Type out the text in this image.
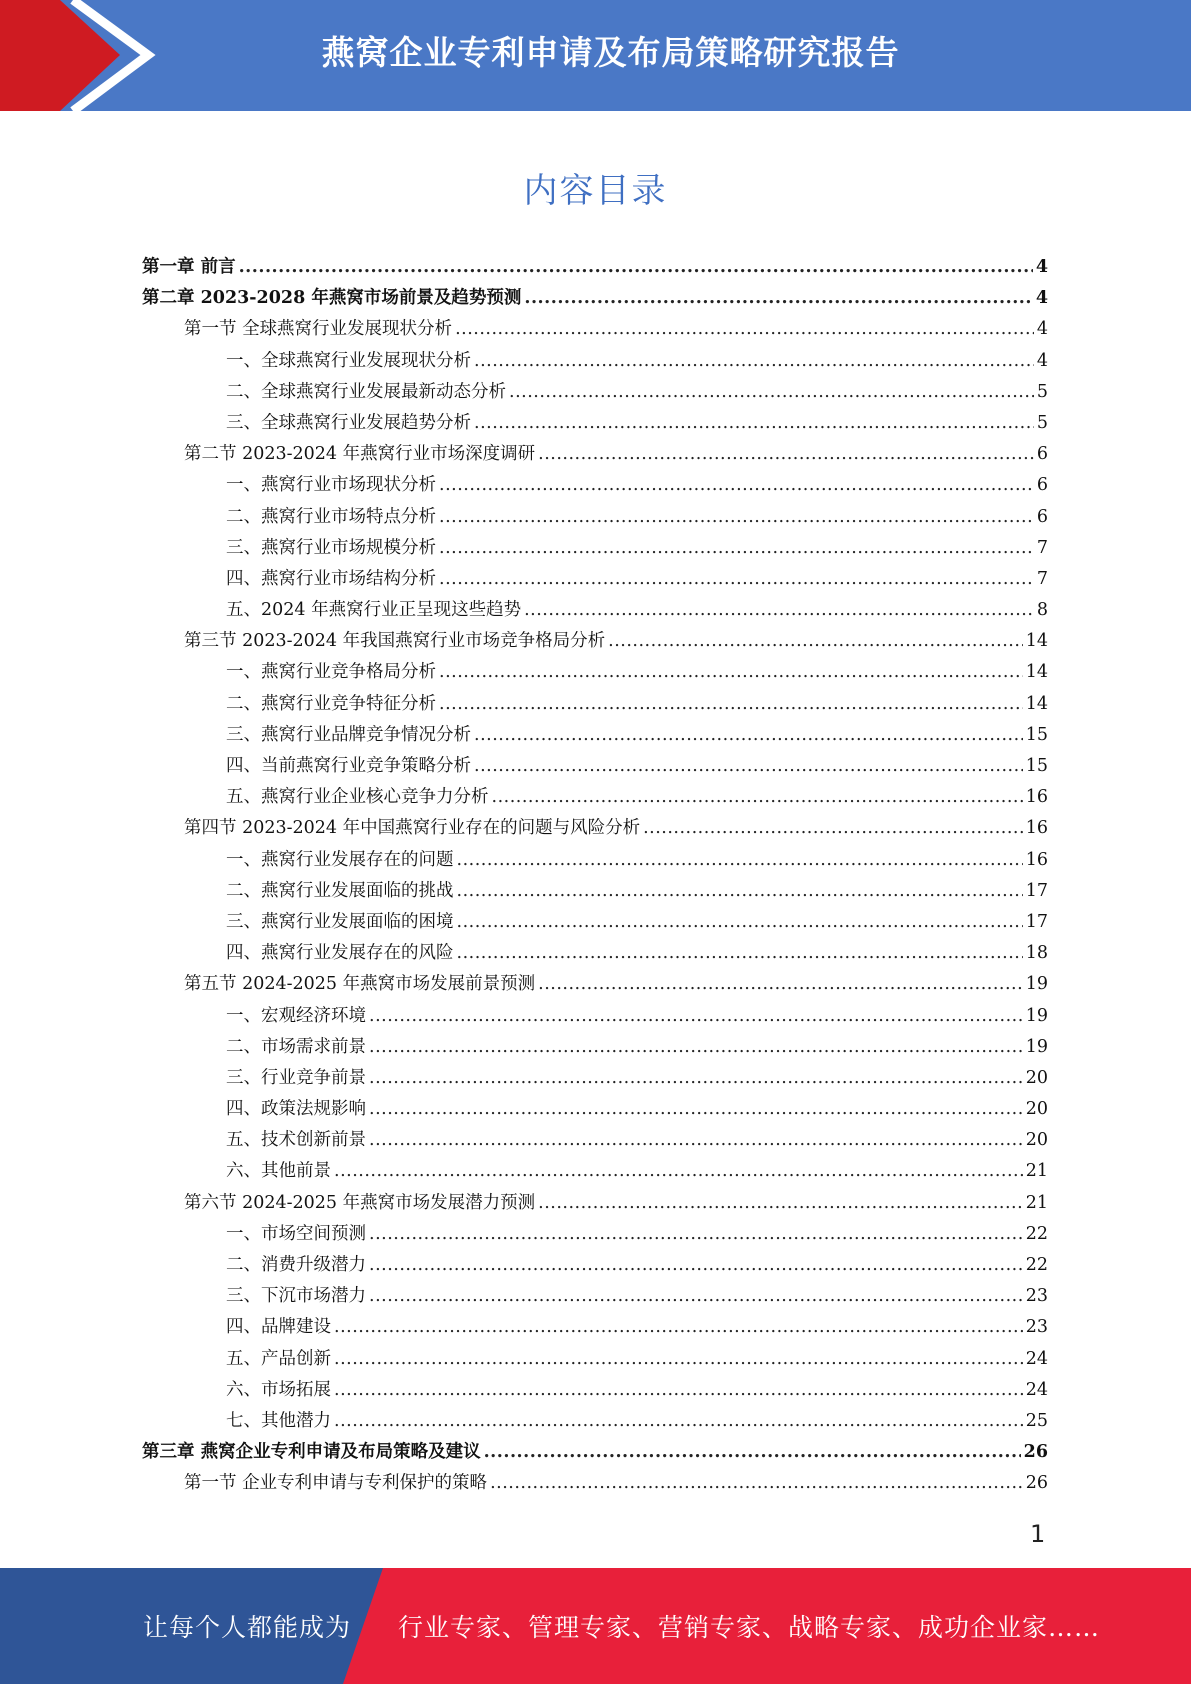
燕窝企业专利申请及布局策略研究报告
内容目录
第一章 前言 .....	4
第二章 2023-2028 年燕窝市场前景及趋势预测 .....	4
第一节 全球燕窝行业发展现状分析 .....	4
一、全球燕窝行业发展现状分析 .....	4
二、全球燕窝行业发展最新动态分析 .....	5
三、全球燕窝行业发展趋势分析 .....	5
第二节 2023-2024 年燕窝行业市场深度调研 .....	6
一、燕窝行业市场现状分析 .....	6
二、燕窝行业市场特点分析 .....	6
三、燕窝行业市场规模分析 .....	7
四、燕窝行业市场结构分析 .....	7
五、2024 年燕窝行业正呈现这些趋势 .....	8
第三节 2023-2024 年我国燕窝行业市场竞争格局分析 .....	14
一、燕窝行业竞争格局分析 .....	14
二、燕窝行业竞争特征分析 .....	14
三、燕窝行业品牌竞争情况分析 .....	15
四、当前燕窝行业竞争策略分析 .....	15
五、燕窝行业企业核心竞争力分析 .....	16
第四节 2023-2024 年中国燕窝行业存在的问题与风险分析 .....	16
一、燕窝行业发展存在的问题 .....	16
二、燕窝行业发展面临的挑战 .....	17
三、燕窝行业发展面临的困境 .....	17
四、燕窝行业发展存在的风险 .....	18
第五节 2024-2025 年燕窝市场发展前景预测 .....	19
一、宏观经济环境 .....	19
二、市场需求前景 .....	19
三、行业竞争前景 .....	20
四、政策法规影响 .....	20
五、技术创新前景 .....	20
六、其他前景 .....	21
第六节 2024-2025 年燕窝市场发展潜力预测 .....	21
一、市场空间预测 .....	22
二、消费升级潜力 .....	22
三、下沉市场潜力 .....	23
四、品牌建设 .....	23
五、产品创新 .....	24
六、市场拓展 .....	24
七、其他潜力 .....	25
第三章 燕窝企业专利申请及布局策略及建议 .....	26
第一节 企业专利申请与专利保护的策略 .....	26
1
让每个人都能成为 行业专家、管理专家、营销专家、战略专家、成功企业家……
